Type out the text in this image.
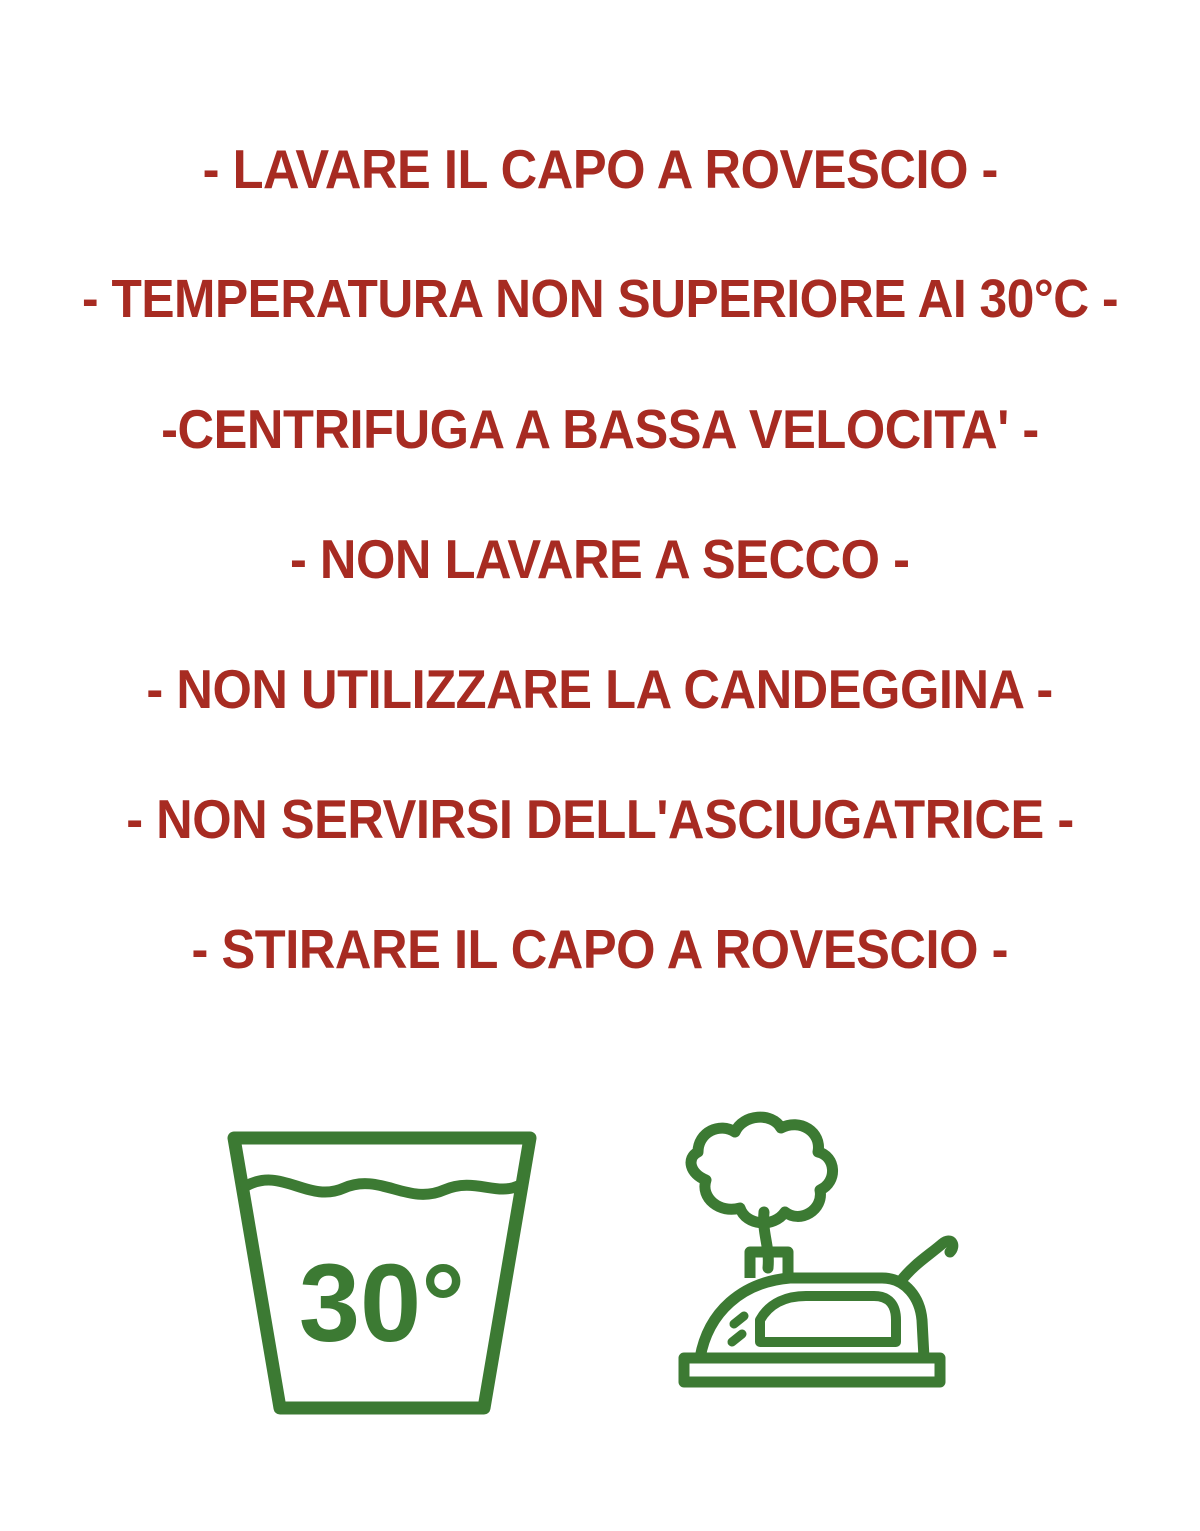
- LAVARE IL CAPO A ROVESCIO -
- TEMPERATURA NON SUPERIORE AI 30°C -
-CENTRIFUGA A BASSA VELOCITA' -
- NON LAVARE A SECCO -
- NON UTILIZZARE LA CANDEGGINA -
- NON SERVIRSI DELL'ASCIUGATRICE -
- STIRARE IL CAPO A ROVESCIO -
30°
